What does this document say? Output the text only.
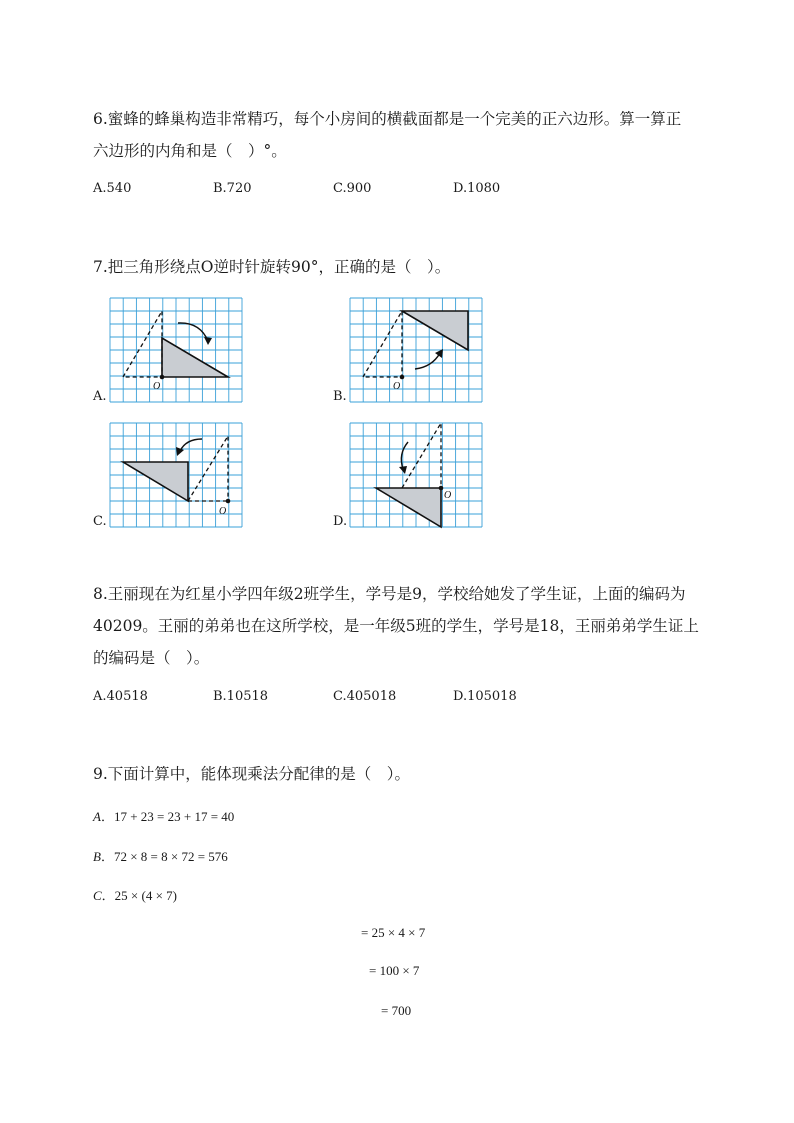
6.蜜蜂的蜂巢构造非常精巧，每个小房间的横截面都是一个完美的正六边形。算一算正
六边形的内角和是（　）°。
A.540	B.720	C.900	D.1080
7.把三角形绕点O逆时针旋转90°，正确的是（　）。
A.
O
B.
O
C.
O
D.
O
8.王丽现在为红星小学四年级2班学生，学号是9，学校给她发了学生证，上面的编码为
40209。王丽的弟弟也在这所学校，是一年级5班的学生，学号是18，王丽弟弟学生证上
的编码是（　）。
A.40518	B.10518	C.405018	D.105018
9.下面计算中，能体现乘法分配律的是（　）。
A．17 + 23 = 23 + 17 = 40
B．72 × 8 = 8 × 72 = 576
C．25 × (4 × 7)
= 25 × 4 × 7
= 100 × 7
= 700
